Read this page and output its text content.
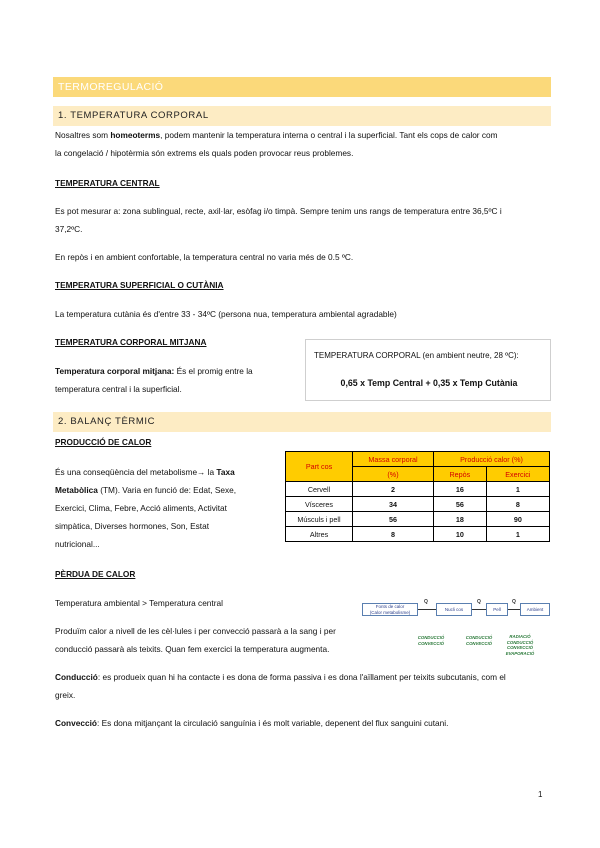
TERMOREGULACIÓ
1. TEMPERATURA CORPORAL
Nosaltres som homeoterms, podem mantenir la temperatura interna o central i la superficial. Tant els cops de calor com
la congelació / hipotèrmia són extrems els quals poden provocar reus problemes.
TEMPERATURA CENTRAL
Es pot mesurar a: zona sublingual, recte, axil·lar, esòfag i/o timpà. Sempre tenim uns rangs de temperatura entre 36,5ºC i
37,2ºC.
En repòs i en ambient confortable, la temperatura central no varia més de 0.5 ºC.
TEMPERATURA SUPERFICIAL O CUTÀNIA
La temperatura cutània és d'entre 33 - 34ºC (persona nua, temperatura ambiental agradable)
TEMPERATURA CORPORAL MITJANA
Temperatura corporal mitjana: És el promig entre la
temperatura central i la superficial.
TEMPERATURA CORPORAL (en ambient neutre, 28 ºC):
0,65 x Temp Central + 0,35 x Temp Cutània
2. BALANÇ TÈRMIC
PRODUCCIÓ DE CALOR
És una conseqüència del metabolisme→ la Taxa
Metabòlica (TM). Varia en funció de: Edat, Sexe,
Exercici, Clima, Febre, Acció aliments, Activitat
simpàtica, Diverses hormones, Son, Estat
nutricional...
Part cos	Massa corporal	Producció calor (%)	
	(%)	Repòs	Exercici
Cervell	2	16	1
Vísceres	34	56	8
Músculs i pell	56	18	90
Altres	8	10	1
PÈRDUA DE CALOR
Temperatura ambiental > Temperatura central
Produïm calor a nivell de les cèl·lules i per convecció passarà a la sang i per
conducció passarà als teixits. Quan fem exercici la temperatura augmenta.
Fonts de calor
(Calor metabolisme)
Q
Nucli cos
Q
Pell
Q
Ambient
CONDUCCIÓ
CONVECCIÓ
CONDUCCIÓ
CONVECCIÓ
RADIACIÓ
CONDUCCIÓ
CONVECCIÓ
EVAPORACIÓ
Conducció: es produeix quan hi ha contacte i es dona de forma passiva i es dona l'aïllament per teixits subcutanis, com el
greix.
Convecció: Es dona mitjançant la circulació sanguínia i és molt variable, depenent del flux sanguini cutani.
1
